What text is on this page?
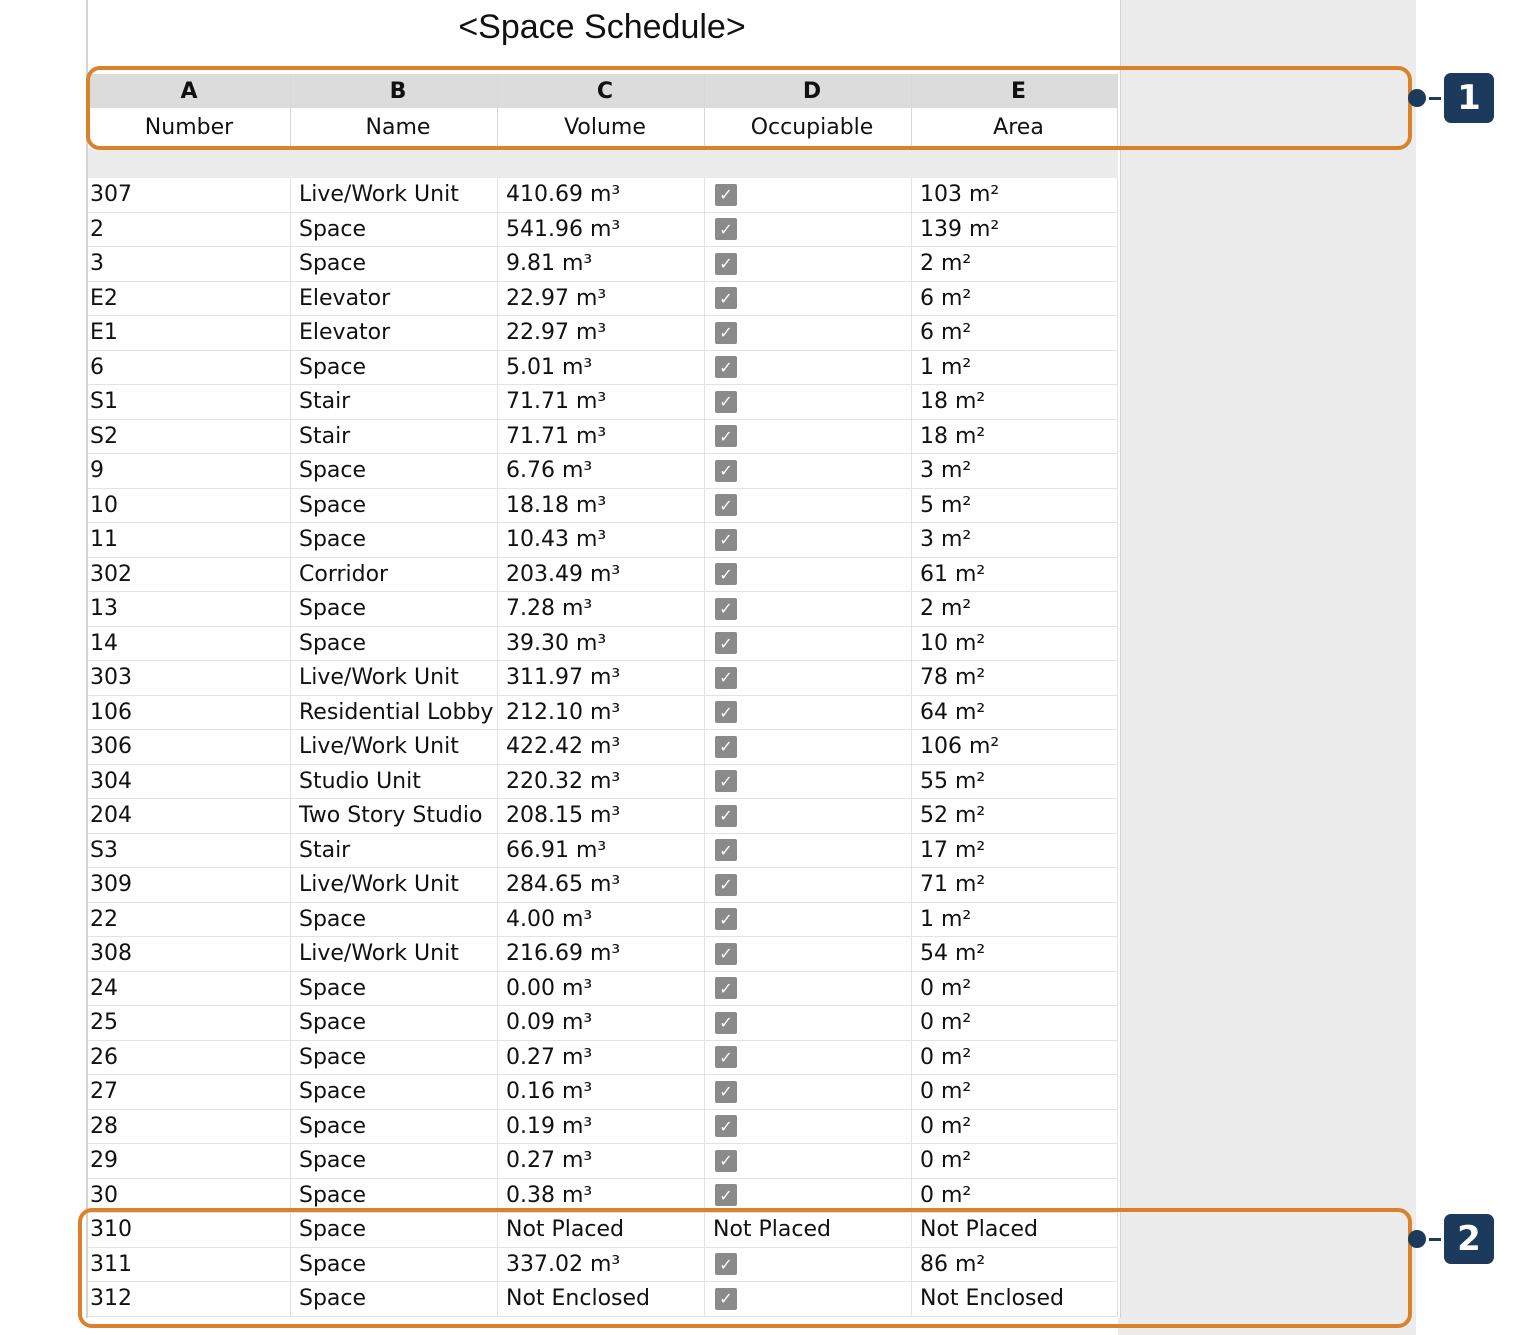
<Space Schedule>
A	B	C	D	E
Number	Name	Volume	Occupiable	Area
307	Live/Work Unit	410.69 m³	✓	103 m²
2	Space	541.96 m³	✓	139 m²
3	Space	9.81 m³	✓	2 m²
E2	Elevator	22.97 m³	✓	6 m²
E1	Elevator	22.97 m³	✓	6 m²
6	Space	5.01 m³	✓	1 m²
S1	Stair	71.71 m³	✓	18 m²
S2	Stair	71.71 m³	✓	18 m²
9	Space	6.76 m³	✓	3 m²
10	Space	18.18 m³	✓	5 m²
11	Space	10.43 m³	✓	3 m²
302	Corridor	203.49 m³	✓	61 m²
13	Space	7.28 m³	✓	2 m²
14	Space	39.30 m³	✓	10 m²
303	Live/Work Unit	311.97 m³	✓	78 m²
106	Residential Lobby 212.10 m³	✓	64 m²
306	Live/Work Unit	422.42 m³	✓	106 m²
304	Studio Unit	220.32 m³	✓	55 m²
204	Two Story Studio	208.15 m³	✓	52 m²
S3	Stair	66.91 m³	✓	17 m²
309	Live/Work Unit	284.65 m³	✓	71 m²
22	Space	4.00 m³	✓	1 m²
308	Live/Work Unit	216.69 m³	✓	54 m²
24	Space	0.00 m³	✓	0 m²
25	Space	0.09 m³	✓	0 m²
26	Space	0.27 m³	✓	0 m²
27	Space	0.16 m³	✓	0 m²
28	Space	0.19 m³	✓	0 m²
29	Space	0.27 m³	✓	0 m²
30	Space	0.38 m³	✓	0 m²
310	Space	Not Placed	Not Placed	Not Placed
311	Space	337.02 m³	✓	86 m²
312	Space	Not Enclosed	✓	Not Enclosed
1
2
